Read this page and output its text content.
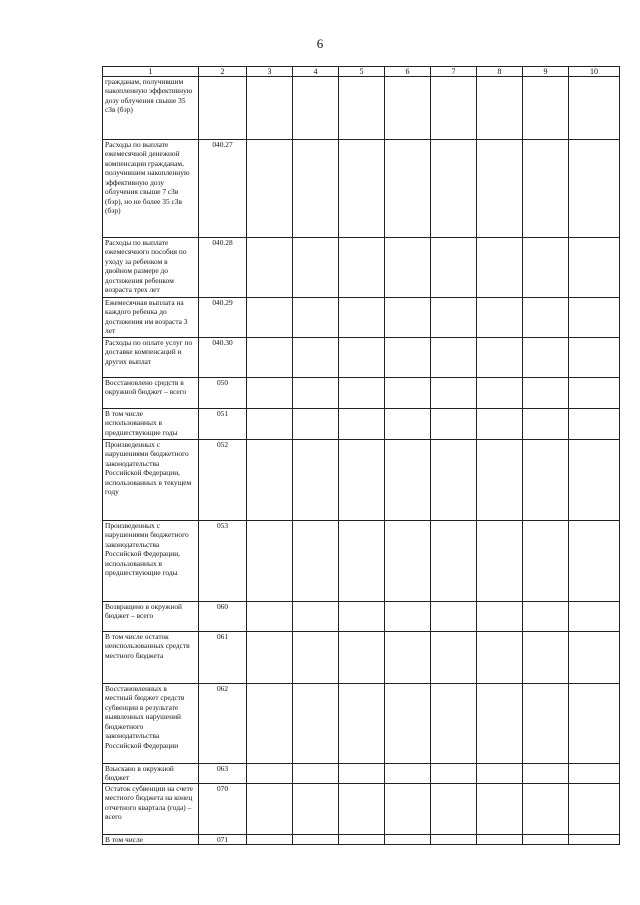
6
1	2	3	4	5	6	7	8	9	10
гражданам, получившим накопленную эффективную дозу облучения свыше 35 сЗв (бэр)									
Расходы по выплате ежемесячной денежной компенсации гражданам, получившим накопленную эффективную дозу облучения свыше 7 сЗв (бэр), но не более 35 сЗв (бэр)	040.27								
Расходы по выплате ежемесячного пособия по уходу за ребенком в двойном размере до достижения ребенком возраста трех лет	040.28								
Ежемесячная выплата на каждого ребенка до достижения им возраста 3 лет	040.29								
Расходы по оплате услуг по доставке компенсаций и других выплат	040.30								
Восстановлено средств в окружной бюджет – всего	050								
В том числе использованных в предшествующие годы	051								
Произведенных с нарушениями бюджетного законодательства Российской Федерации, использованных в текущем году	052								
Произведенных с нарушениями бюджетного законодательства Российской Федерации, использованных в предшествующие годы	053								
Возвращено в окружной бюджет – всего	060								
В том числе остаток неиспользованных средств местного бюджета	061								
Восстановленных в местный бюджет средств субвенции в результате выявленных нарушений бюджетного законодательства Российской Федерации	062								
Взыскано в окружной бюджет	063								
Остаток субвенции на счете местного бюджета на конец отчетного квартала (года) – всего	070								
В том числе	071								
